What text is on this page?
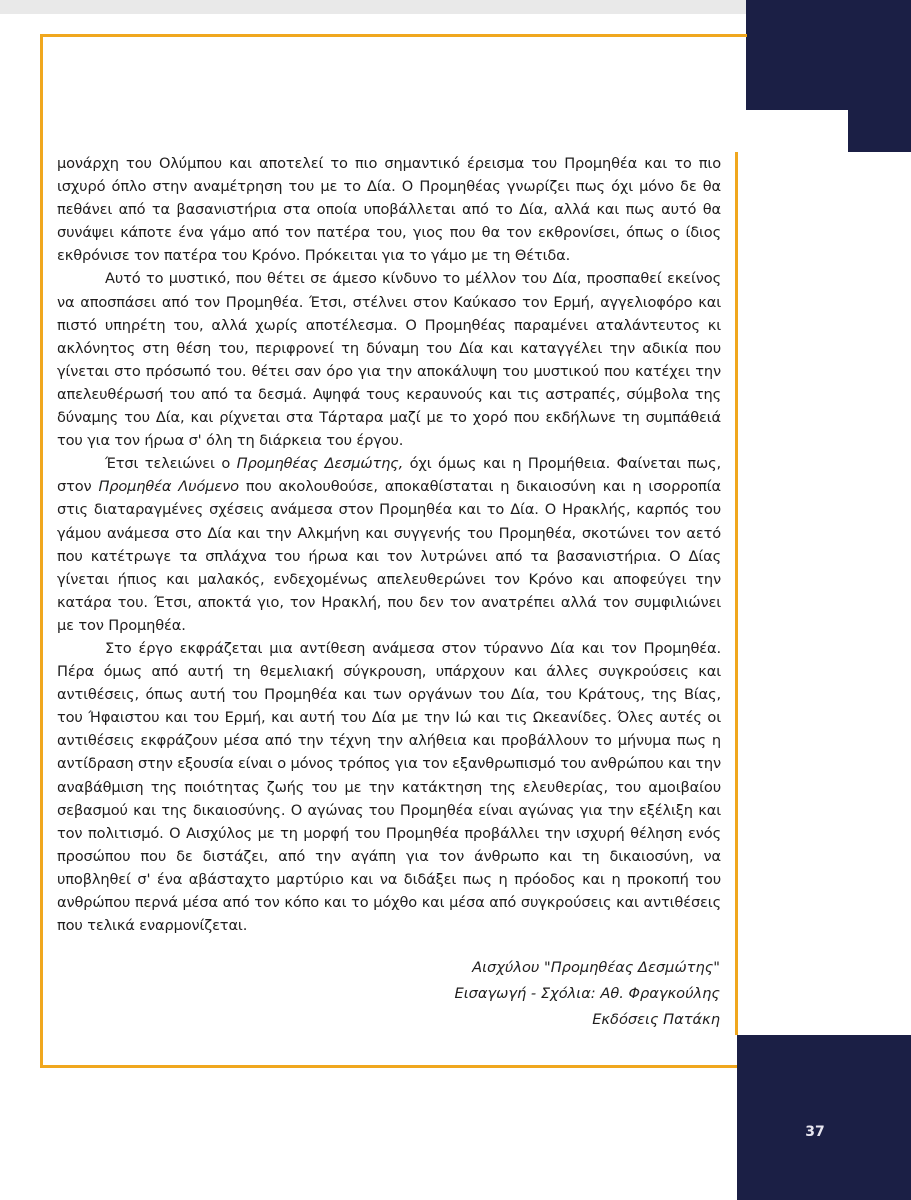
μονάρχη του Ολύμπου και αποτελεί το πιο σημαντικό έρεισμα του Προμηθέα και το πιο ισχυρό όπλο στην αναμέτρηση του με το Δία. Ο Προμηθέας γνωρίζει πως όχι μόνο δε θα πεθάνει από τα βασανιστήρια στα οποία υποβάλλεται από το Δία, αλλά και πως αυτό θα συνάψει κάποτε ένα γάμο από τον πατέρα του, γιος που θα τον εκθρονίσει, όπως ο ίδιος εκθρόνισε τον πατέρα του Κρόνο. Πρόκειται για το γάμο με τη Θέτιδα.

Αυτό το μυστικό, που θέτει σε άμεσο κίνδυνο το μέλλον του Δία, προσπαθεί εκείνος να αποσπάσει από τον Προμηθέα. Έτσι, στέλνει στον Καύκασο τον Ερμή, αγγελιοφόρο και πιστό υπηρέτη του, αλλά χωρίς αποτέλεσμα. Ο Προμηθέας παραμένει αταλάντευτος κι ακλόνητος στη θέση του, περιφρονεί τη δύναμη του Δία και καταγγέλει την αδικία που γίνεται στο πρόσωπό του. θέτει σαν όρο για την αποκάλυψη του μυστικού που κατέχει την απελευθέρωσή του από τα δεσμά. Αψηφά τους κεραυνούς και τις αστραπές, σύμβολα της δύναμης του Δία, και ρίχνεται στα Τάρταρα μαζί με το χορό που εκδήλωνε τη συμπάθειά του για τον ήρωα σ' όλη τη διάρκεια του έργου.

Έτσι τελειώνει ο Προμηθέας Δεσμώτης, όχι όμως και η Προμήθεια. Φαίνεται πως, στον Προμηθέα Λυόμενο που ακολουθούσε, αποκαθίσταται η δικαιοσύνη και η ισορροπία στις διαταραγμένες σχέσεις ανάμεσα στον Προμηθέα και το Δία. Ο Ηρακλής, καρπός του γάμου ανάμεσα στο Δία και την Αλκμήνη και συγγενής του Προμηθέα, σκοτώνει τον αετό που κατέτρωγε τα σπλάχνα του ήρωα και τον λυτρώνει από τα βασανιστήρια. Ο Δίας γίνεται ήπιος και μαλακός, ενδεχομένως απελευθερώνει τον Κρόνο και αποφεύγει την κατάρα του. Έτσι, αποκτά γιο, τον Ηρακλή, που δεν τον ανατρέπει αλλά τον συμφιλιώνει με τον Προμηθέα.

Στο έργο εκφράζεται μια αντίθεση ανάμεσα στον τύραννο Δία και τον Προμηθέα. Πέρα όμως από αυτή τη θεμελιακή σύγκρουση, υπάρχουν και άλλες συγκρούσεις και αντιθέσεις, όπως αυτή του Προμηθέα και των οργάνων του Δία, του Κράτους, της Βίας, του Ήφαιστου και του Ερμή, και αυτή του Δία με την Ιώ και τις Ωκεανίδες. Όλες αυτές οι αντιθέσεις εκφράζουν μέσα από την τέχνη την αλήθεια και προβάλλουν το μήνυμα πως η αντίδραση στην εξουσία είναι ο μόνος τρόπος για τον εξανθρωπισμό του ανθρώπου και την αναβάθμιση της ποιότητας ζωής του με την κατάκτηση της ελευθερίας, του αμοιβαίου σεβασμού και της δικαιοσύνης. Ο αγώνας του Προμηθέα είναι αγώνας για την εξέλιξη και τον πολιτισμό. Ο Αισχύλος με τη μορφή του Προμηθέα προβάλλει την ισχυρή θέληση ενός προσώπου που δε διστάζει, από την αγάπη για τον άνθρωπο και τη δικαιοσύνη, να υποβληθεί σ' ένα αβάσταχτο μαρτύριο και να διδάξει πως η πρόοδος και η προκοπή του ανθρώπου περνά μέσα από τον κόπο και το μόχθο και μέσα από συγκρούσεις και αντιθέσεις που τελικά εναρμονίζεται.

Αισχύλου "Προμηθέας Δεσμώτης"
Εισαγωγή - Σχόλια: Αθ. Φραγκούλης
Εκδόσεις Πατάκη
37
